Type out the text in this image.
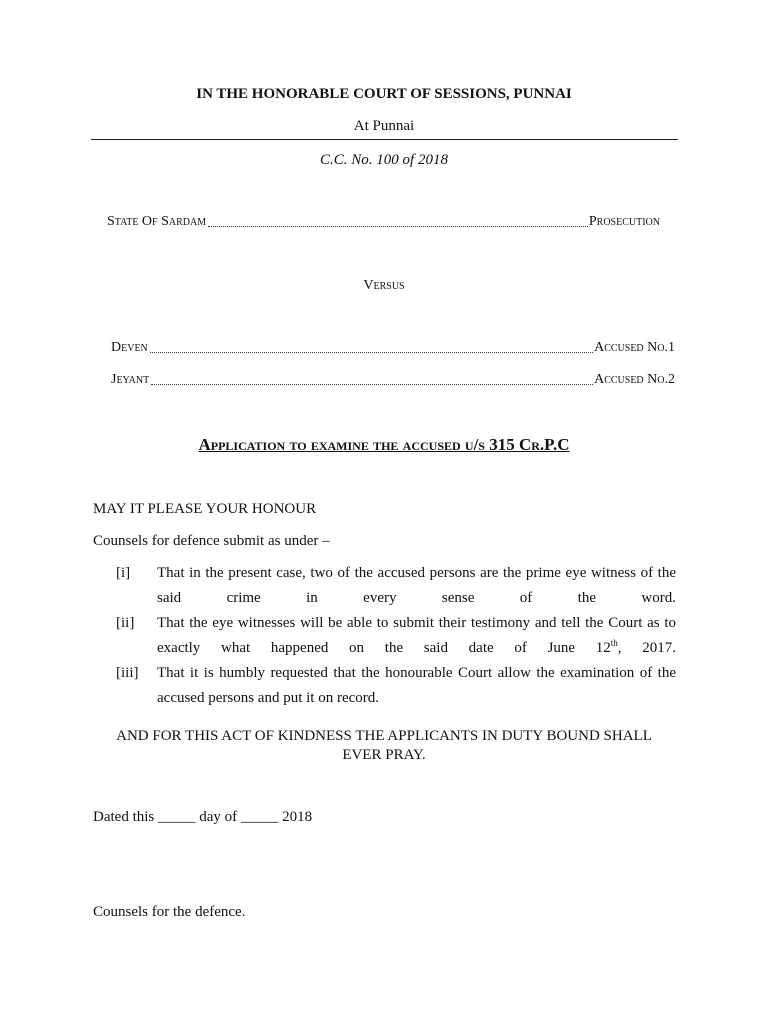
IN THE HONORABLE COURT OF SESSIONS, PUNNAI
At Punnai
C.C. No. 100 of 2018
State Of Sardam	Prosecution
Versus
Deven	Accused No.1
Jeyant	Accused No.2
Application to examine the accused u/s 315 Cr.P.C
MAY IT PLEASE YOUR HONOUR
Counsels for defence submit as under –
[i] That in the present case, two of the accused persons are the prime eye witness of the said crime in every sense of the word.
[ii] That the eye witnesses will be able to submit their testimony and tell the Court as to exactly what happened on the said date of June 12th, 2017.
[iii] That it is humbly requested that the honourable Court allow the examination of the accused persons and put it on record.
AND FOR THIS ACT OF KINDNESS THE APPLICANTS IN DUTY BOUND SHALL
EVER PRAY.
Dated this _____ day of _____ 2018
Counsels for the defence.
